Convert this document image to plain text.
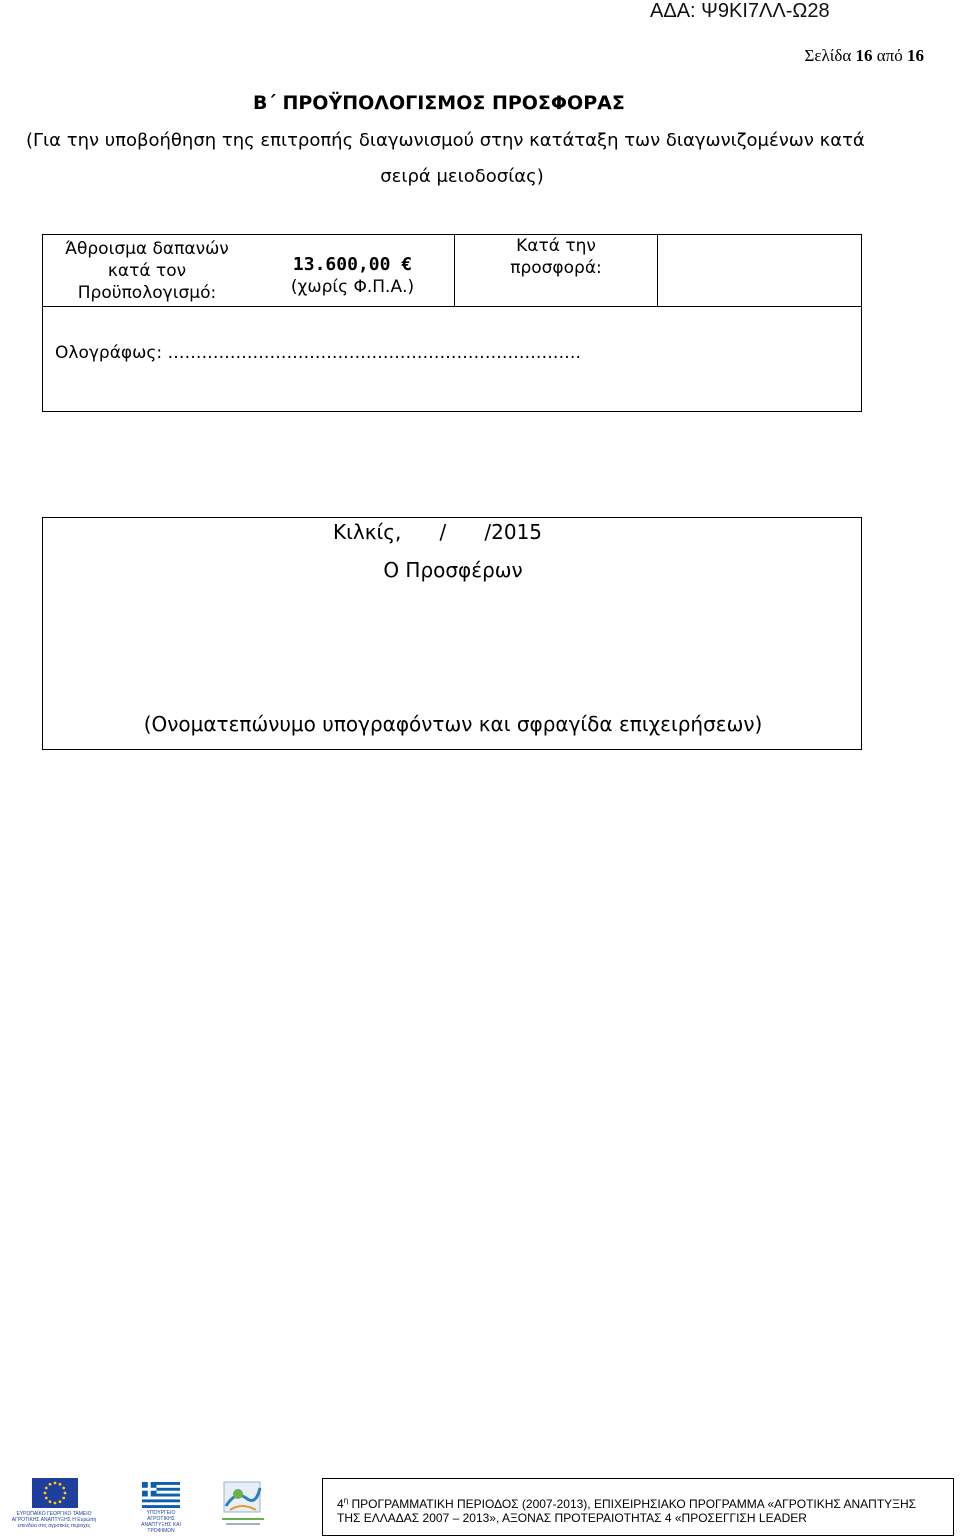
ΑΔΑ: Ψ9ΚΙ7ΛΛ-Ω28
Σελίδα 16 από 16
Β΄ ΠΡΟΫΠΟΛΟΓΙΣΜΟΣ ΠΡΟΣΦΟΡΑΣ
(Για την υποβοήθηση της επιτροπής διαγωνισμού στην κατάταξη των διαγωνιζομένων κατά
σειρά μειοδοσίας)
Άθροισμα δαπανών
κατά τον
Προϋπολογισμό:
13.600,00 €
(χωρίς Φ.Π.Α.)
Κατά την
προσφορά:
Ολογράφως: ……………………………………………………………….
Κιλκίς,      /      /2015
Ο Προσφέρων
(Ονοματεπώνυμο υπογραφόντων και σφραγίδα επιχειρήσεων)
ΕΥΡΩΠΑΪΚΟ ΓΕΩΡΓΙΚΟ ΤΑΜΕΙΟ ΑΓΡΟΤΙΚΗΣ ΑΝΑΠΤΥΞΗΣ Η Ευρώπη επενδύει στις αγροτικές περιοχές
ΥΠΟΥΡΓΕΙΟ ΑΓΡΟΤΙΚΗΣ ΑΝΑΠΤΥΞΗΣ ΚΑΙ ΤΡΟΦΙΜΩΝ
$4^\eta$ ΠΡΟΓΡΑΜΜΑΤΙΚΗ ΠΕΡΙΟΔΟΣ (2007-2013), ΕΠΙΧΕΙΡΗΣΙΑΚΟ ΠΡΟΓΡΑΜΜΑ «ΑΓΡΟΤΙΚΗΣ ΑΝΑΠΤΥΞΗΣ
ΤΗΣ ΕΛΛΑΔΑΣ 2007 – 2013», ΑΞΟΝΑΣ ΠΡΟΤΕΡΑΙΟΤΗΤΑΣ 4 «ΠΡΟΣΕΓΓΙΣΗ LEADER
